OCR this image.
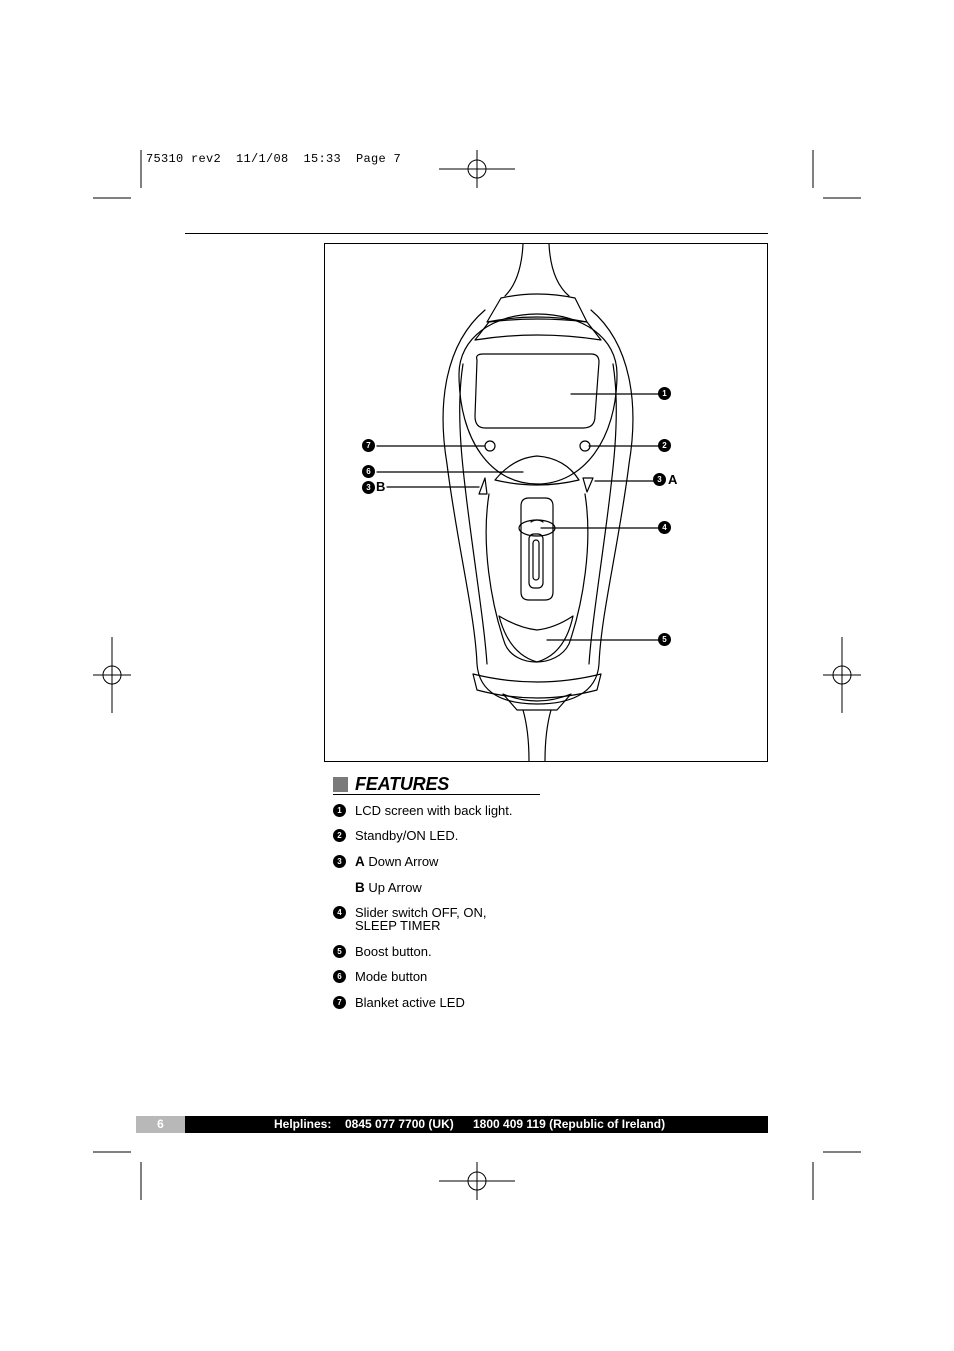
75310 rev2  11/1/08  15:33  Page 7
1
2
3 A
4
5
7
6
3 B
FEATURES
1	LCD screen with back light.
2	Standby/ON LED.
3 A Down Arrow
B Up Arrow
4	Slider switch OFF, ON, SLEEP TIMER
5	Boost button.
6	Mode button
7	Blanket active LED
6	Helplines: 0845 077 7700 (UK) 1800 409 119 (Republic of Ireland)
